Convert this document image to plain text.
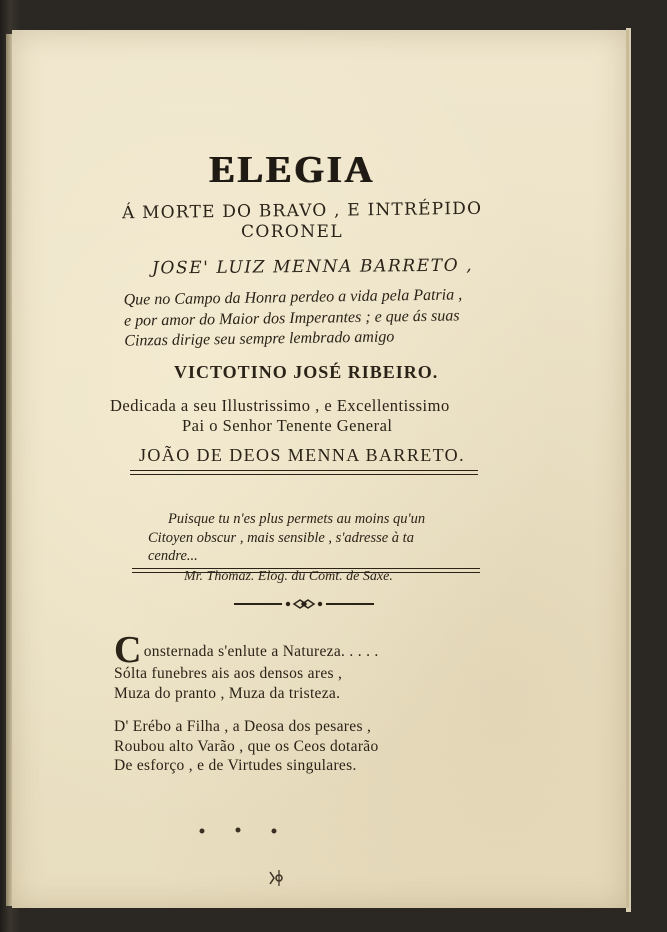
ELEGIA
Á MORTE DO BRAVO , E INTRÉPIDO
CORONEL
JOSE' LUIZ MENNA BARRETO ,
Que no Campo da Honra perdeo a vida pela Patria ,
e por amor do Maior dos Imperantes ; e que ás suas
Cinzas dirige seu sempre lembrado amigo
VICTOTINO JOSÉ RIBEIRO.
Dedicada a seu Illustrissimo , e Excellentissimo
Pai o Senhor Tenente General
JOÃO DE DEOS MENNA BARRETO.
Puisque tu n'es plus permets au moins qu'un
Citoyen obscur , mais sensible , s'adresse à ta
cendre...
Mr. Thomaz. Elog. du Comt. de Saxe.
Consternada s'enlute a Natureza. . . . .
Sólta funebres ais aos densos ares ,
Muza do pranto , Muza da tristeza.
D' Erébo a Filha , a Deosa dos pesares ,
Roubou alto Varão , que os Ceos dotarão
De esforço , e de Virtudes singulares.
